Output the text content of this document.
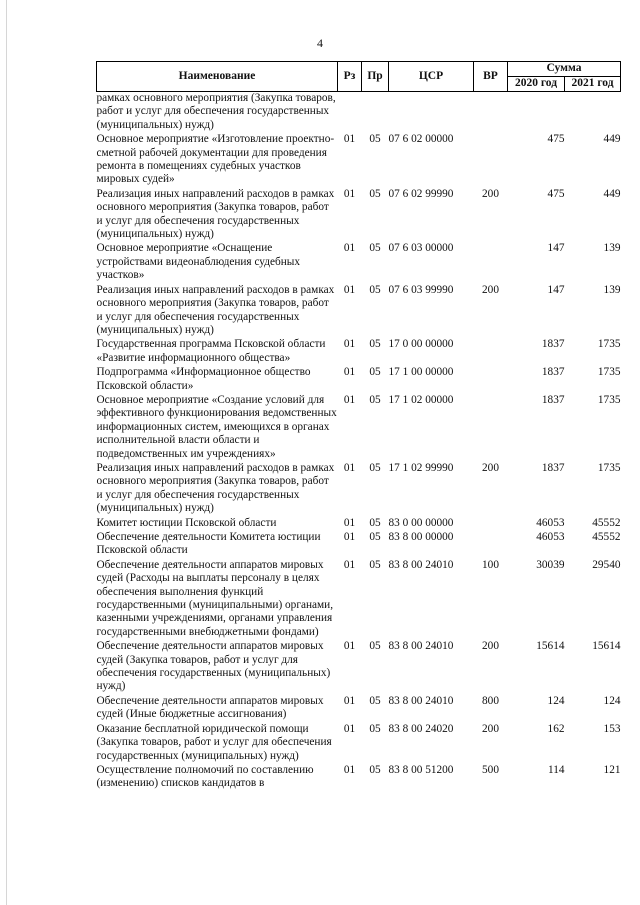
4
Наименование	Рз	Пр	ЦСР	ВР	Сумма	
					2020 год	2021 год
рамках основного мероприятия (Закупка товаров, работ и услуг для обеспечения государственных (муниципальных) нужд)						
Основное мероприятие «Изготовление проектно-сметной рабочей документации для проведения ремонта в помещениях судебных участков мировых судей»	01	05	07 6 02 00000		475	449
Реализация иных направлений расходов в рамках основного мероприятия (Закупка товаров, работ и услуг для обеспечения государственных (муниципальных) нужд)	01	05	07 6 02 99990	200	475	449
Основное мероприятие «Оснащение устройствами видеонаблюдения судебных участков»	01	05	07 6 03 00000		147	139
Реализация иных направлений расходов в рамках основного мероприятия (Закупка товаров, работ и услуг для обеспечения государственных (муниципальных) нужд)	01	05	07 6 03 99990	200	147	139
Государственная программа Псковской области «Развитие информационного общества»	01	05	17 0 00 00000		1837	1735
Подпрограмма «Информационное общество Псковской области»	01	05	17 1 00 00000		1837	1735
Основное мероприятие «Создание условий для эффективного функционирования ведомственных информационных систем, имеющихся в органах исполнительной власти области и подведомственных им учреждениях»	01	05	17 1 02 00000		1837	1735
Реализация иных направлений расходов в рамках основного мероприятия (Закупка товаров, работ и услуг для обеспечения государственных (муниципальных) нужд)	01	05	17 1 02 99990	200	1837	1735
Комитет юстиции Псковской области	01	05	83 0 00 00000		46053	45552
Обеспечение деятельности Комитета юстиции Псковской области	01	05	83 8 00 00000		46053	45552
Обеспечение деятельности аппаратов мировых судей (Расходы на выплаты персоналу в целях обеспечения выполнения функций государственными (муниципальными) органами, казенными учреждениями, органами управления государственными внебюджетными фондами)	01	05	83 8 00 24010	100	30039	29540
Обеспечение деятельности аппаратов мировых судей (Закупка товаров, работ и услуг для обеспечения государственных (муниципальных) нужд)	01	05	83 8 00 24010	200	15614	15614
Обеспечение деятельности аппаратов мировых судей (Иные бюджетные ассигнования)	01	05	83 8 00 24010	800	124	124
Оказание бесплатной юридической помощи (Закупка товаров, работ и услуг для обеспечения государственных (муниципальных) нужд)	01	05	83 8 00 24020	200	162	153
Осуществление полномочий по составлению (изменению) списков кандидатов в	01	05	83 8 00 51200	500	114	121
